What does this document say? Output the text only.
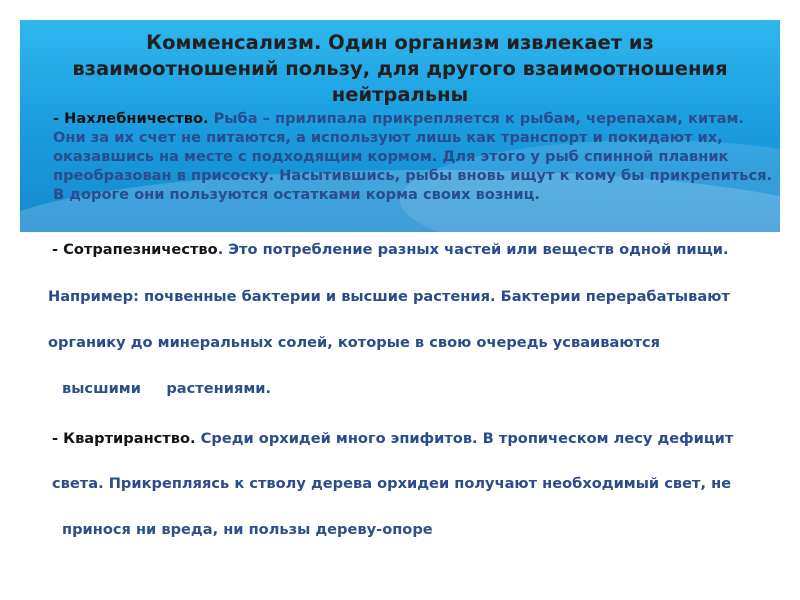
Комменсализм. Один организм извлекает из взаимоотношений пользу, для другого взаимоотношения нейтральны
- Нахлебничество. Рыба – прилипала прикрепляется к рыбам, черепахам, китам. Они за их счет не питаются, а используют лишь как транспорт и покидают их, оказавшись на месте с подходящим кормом. Для этого у рыб спинной плавник преобразован в присоску. Насытившись, рыбы вновь ищут к кому бы прикрепиться. В дороге они пользуются остатками корма своих возниц.
- Сотрапезничество. Это потребление разных частей или веществ одной пищи.
Например: почвенные бактерии и высшие растения. Бактерии перерабатывают
органику до минеральных солей, которые в свою очередь усваиваются
высшими     растениями.
- Квартиранство. Среди орхидей много эпифитов. В тропическом лесу дефицит
света. Прикрепляясь к стволу дерева орхидеи получают необходимый свет, не
принося ни вреда, ни пользы дереву-опоре
